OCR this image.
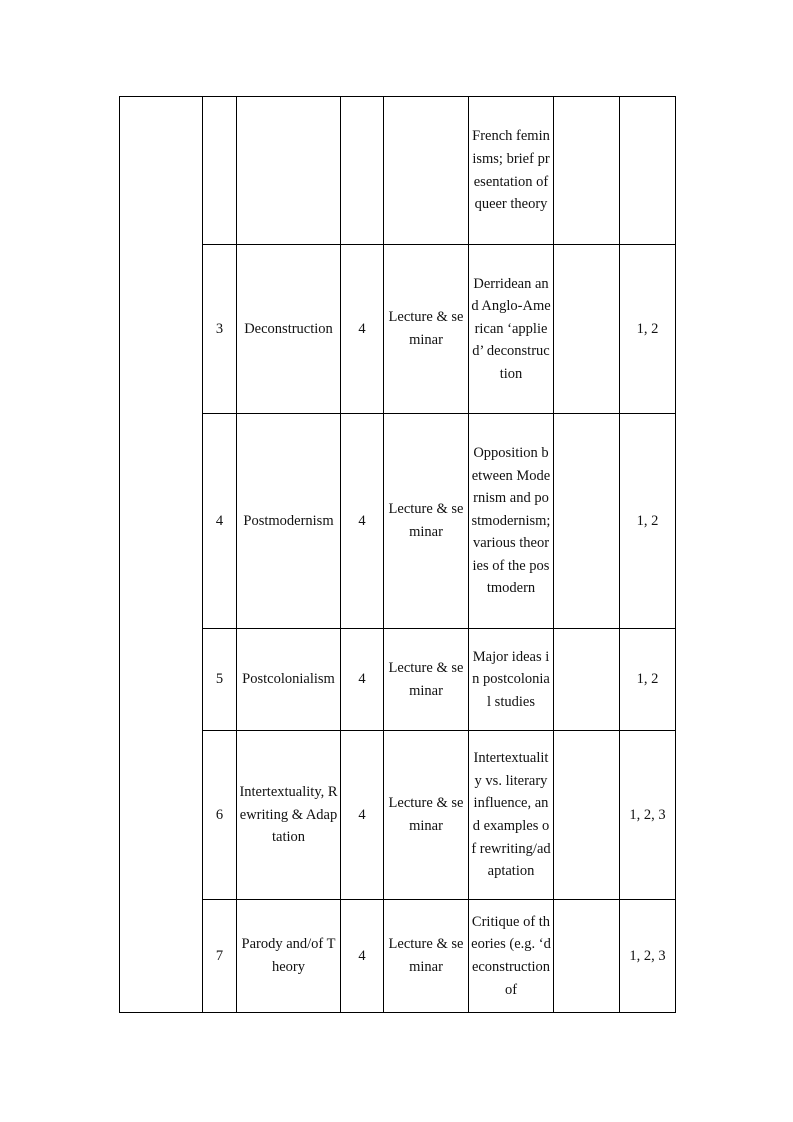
					French feminisms; brief presentation of queer theory		
	3	Deconstruction	4	Lecture & seminar	Derridean and Anglo-American ‘applied’ deconstruction		1, 2
	4	Postmodernism	4	Lecture & seminar	Opposition between Modernism and postmodernism; various theories of the postmodern		1, 2
	5	Postcolonialism	4	Lecture & seminar	Major ideas in postcolonial studies		1, 2
	6	Intertextuality, Rewriting & Adaptation	4	Lecture & seminar	Intertextuality vs. literary influence, and examples of rewriting/adaptation		1, 2, 3
	7	Parody and/of Theory	4	Lecture & seminar	Critique of theories (e.g. ‘deconstruction of		1, 2, 3
